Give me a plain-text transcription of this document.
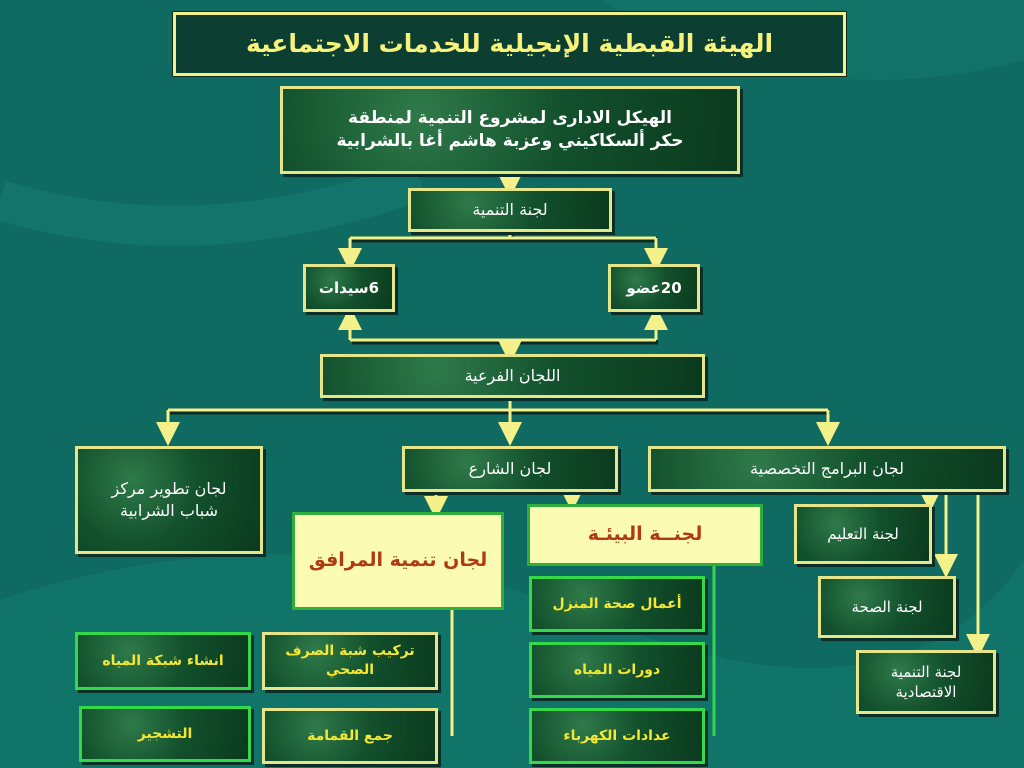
الهيئة القبطية الإنجيلية للخدمات الاجتماعية
الهيكل الادارى لمشروع التنمية لمنطقة
حكر ألسكاكيني وعزبة هاشم أغا بالشرابية
لجنة التنمية
6سيدات	20عضو
اللجان الفرعية
لجان تطوير مركز
شباب الشرابية
لجان الشارع	لجان البرامج التخصصية
لجان تنمية المرافق
لجنــة البيئـة
أعمال صحة المنزل
دورات المياه
عدادات الكهرباء
انشاء شبكة المياه
تركيب شبة الصرف الصحي
التشجير	جمع القمامة
لجنة التعليم
لجنة الصحة
لجنة التنمية
الاقتصادية
